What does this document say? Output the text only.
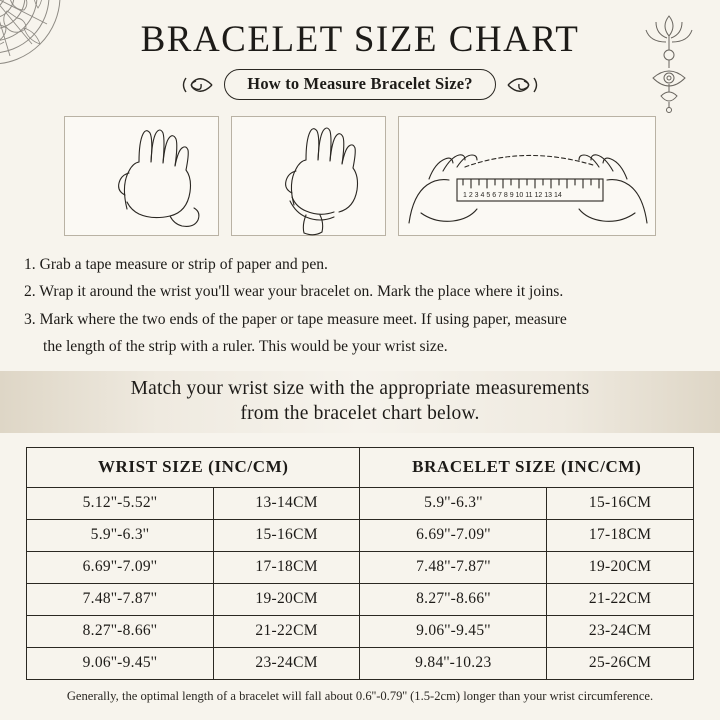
BRACELET SIZE CHART
How to Measure Bracelet Size?
1 2 3 4 5 6 7 8 9 10 11 12 13 14
1. Grab a tape measure or strip of paper and pen.
2. Wrap it around the wrist you'll wear your bracelet on. Mark the place where it joins.
3. Mark where the two ends of the paper or tape measure meet. If using paper, measure
the length of the strip with a ruler. This would be your wrist size.
Match your wrist size with the appropriate measurements
from the bracelet chart below.
WRIST SIZE (INC/CM)		BRACELET SIZE (INC/CM)	
5.12''-5.52''	13-14CM	5.9''-6.3''	15-16CM
5.9''-6.3''	15-16CM	6.69''-7.09''	17-18CM
6.69''-7.09''	17-18CM	7.48''-7.87''	19-20CM
7.48''-7.87''	19-20CM	8.27''-8.66''	21-22CM
8.27''-8.66''	21-22CM	9.06''-9.45''	23-24CM
9.06''-9.45''	23-24CM	9.84''-10.23	25-26CM
Generally, the optimal length of a bracelet will fall about 0.6''-0.79'' (1.5-2cm) longer than your wrist circumference.
